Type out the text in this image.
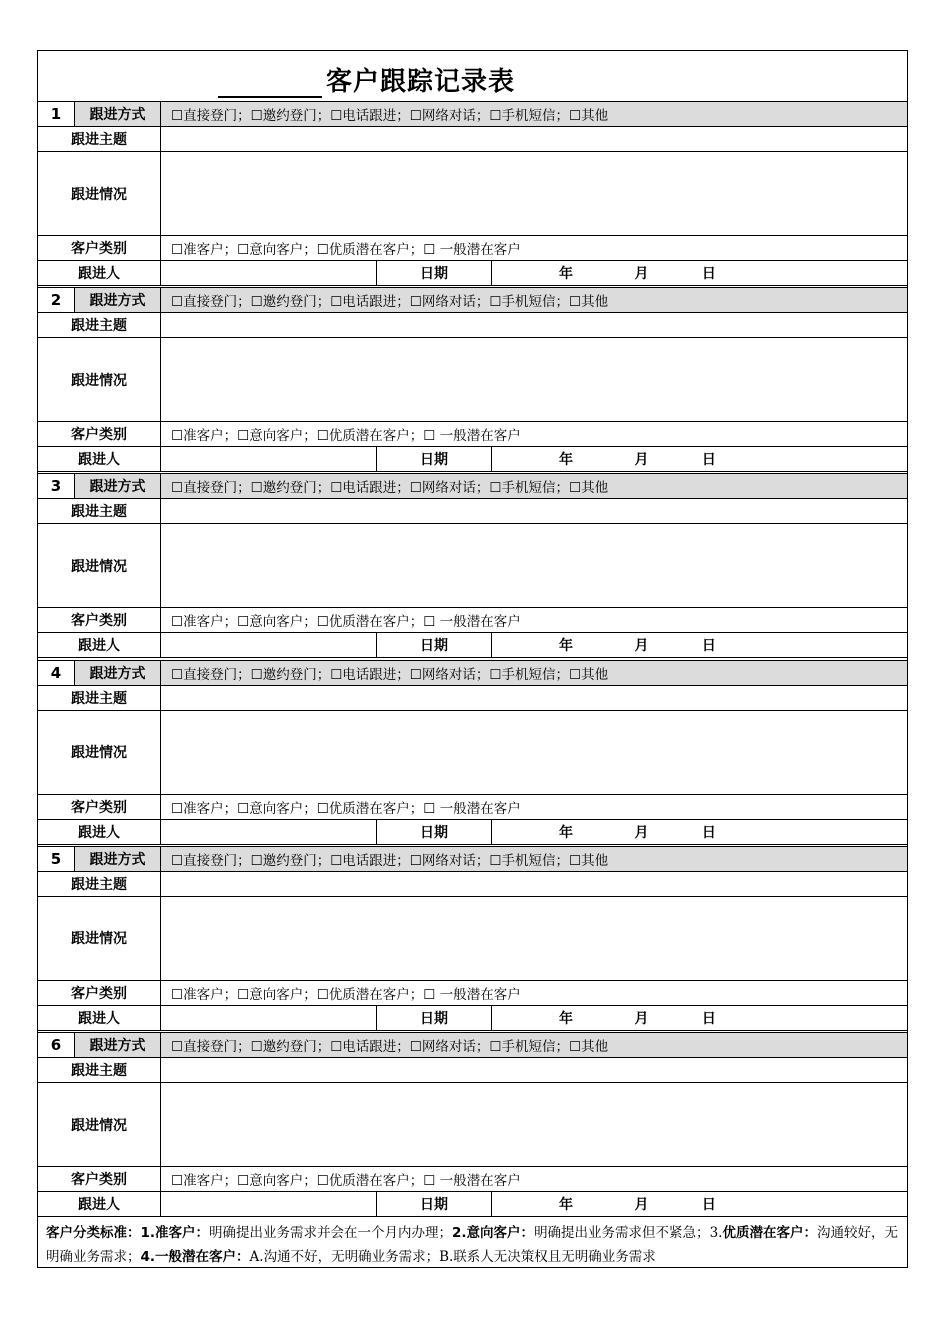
客户跟踪记录表
1	跟进方式	☐直接登门；☐邀约登门；☐电话跟进；☐网络对话；☐手机短信；☐其他		
跟进主题				
跟进情况				
客户类别		☐准客户；☐意向客户；☐优质潜在客户；☐ 一般潜在客户		
跟进人			日期	年 月 日
2	跟进方式	☐直接登门；☐邀约登门；☐电话跟进；☐网络对话；☐手机短信；☐其他		
跟进主题				
跟进情况				
客户类别		☐准客户；☐意向客户；☐优质潜在客户；☐ 一般潜在客户		
跟进人			日期	年 月 日
3	跟进方式	☐直接登门；☐邀约登门；☐电话跟进；☐网络对话；☐手机短信；☐其他		
跟进主题				
跟进情况				
客户类别		☐准客户；☐意向客户；☐优质潜在客户；☐ 一般潜在客户		
跟进人			日期	年 月 日
4	跟进方式	☐直接登门；☐邀约登门；☐电话跟进；☐网络对话；☐手机短信；☐其他		
跟进主题				
跟进情况				
客户类别		☐准客户；☐意向客户；☐优质潜在客户；☐ 一般潜在客户		
跟进人			日期	年 月 日
5	跟进方式	☐直接登门；☐邀约登门；☐电话跟进；☐网络对话；☐手机短信；☐其他		
跟进主题				
跟进情况				
客户类别		☐准客户；☐意向客户；☐优质潜在客户；☐ 一般潜在客户		
跟进人			日期	年 月 日
6	跟进方式	☐直接登门；☐邀约登门；☐电话跟进；☐网络对话；☐手机短信；☐其他		
跟进主题				
跟进情况				
客户类别		☐准客户；☐意向客户；☐优质潜在客户；☐ 一般潜在客户		
跟进人			日期	年 月 日
客户分类标准：1.准客户：明确提出业务需求并会在一个月内办理；2.意向客户：明确提出业务需求但不紧急；3.优质潜在客户：沟通较好，无明确业务需求；4.一般潜在客户：A.沟通不好，无明确业务需求；B.联系人无决策权且无明确业务需求
